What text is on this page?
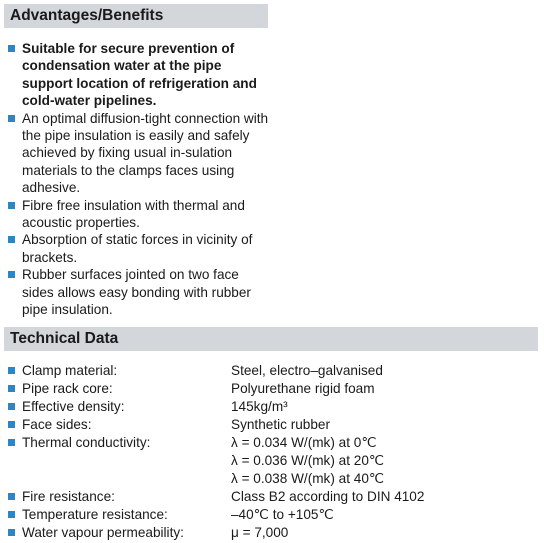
Advantages/Benefits
Suitable for secure prevention of condensation water at the pipe support location of refrigeration and cold-water pipelines.
An optimal diffusion-tight connection with the pipe insulation is easily and safely achieved by fixing usual in-sulation materials to the clamps faces using adhesive.
Fibre free insulation with thermal and acoustic properties.
Absorption of static forces in vicinity of brackets.
Rubber surfaces jointed on two face sides allows easy bonding with rubber pipe insulation.
Technical Data
Clamp material:	Steel, electro–galvanised
Pipe rack core:	Polyurethane rigid foam
Effective density:	145kg/m³
Face sides:	Synthetic rubber
Thermal conductivity:	λ = 0.034 W/(mk) at 0℃
λ = 0.036 W/(mk) at 20℃
λ = 0.038 W/(mk) at 40℃
Fire resistance:	Class B2 according to DIN 4102
Temperature resistance:	–40℃ to +105℃
Water vapour permeability:	μ = 7,000
